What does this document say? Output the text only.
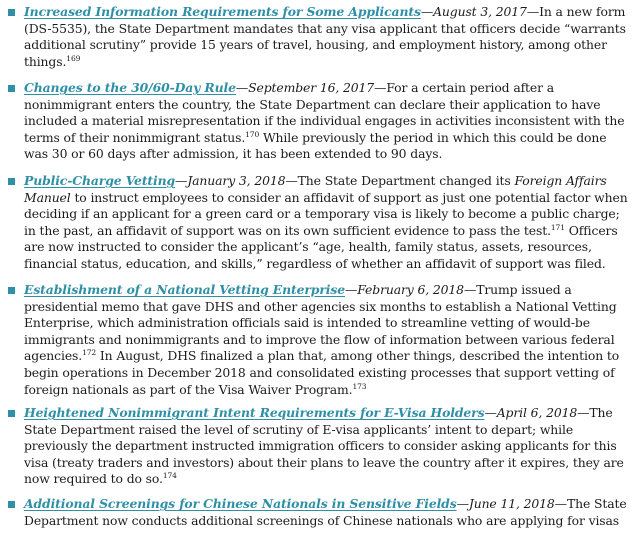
Increased Information Requirements for Some Applicants—August 3, 2017—In a new form (DS-5535), the State Department mandates that any visa applicant that officers decide “warrants additional scrutiny” provide 15 years of travel, housing, and employment history, among other things.$^{169}$

Changes to the 30/60-Day Rule—September 16, 2017—For a certain period after a nonimmigrant enters the country, the State Department can declare their application to have included a material misrepresentation if the individual engages in activities inconsistent with the terms of their nonimmigrant status.$^{170}$ While previously the period in which this could be done was 30 or 60 days after admission, it has been extended to 90 days.

Public-Charge Vetting—January 3, 2018—The State Department changed its Foreign Affairs Manuel to instruct employees to consider an affidavit of support as just one potential factor when deciding if an applicant for a green card or a temporary visa is likely to become a public charge; in the past, an affidavit of support was on its own sufficient evidence to pass the test.$^{171}$ Officers are now instructed to consider the applicant’s “age, health, family status, assets, resources, financial status, education, and skills,” regardless of whether an affidavit of support was filed.

Establishment of a National Vetting Enterprise—February 6, 2018—Trump issued a presidential memo that gave DHS and other agencies six months to establish a National Vetting Enterprise, which administration officials said is intended to streamline vetting of would-be immigrants and nonimmigrants and to improve the flow of information between various federal agencies.$^{172}$ In August, DHS finalized a plan that, among other things, described the intention to begin operations in December 2018 and consolidated existing processes that support vetting of foreign nationals as part of the Visa Waiver Program.$^{173}$

Heightened Nonimmigrant Intent Requirements for E-Visa Holders—April 6, 2018—The State Department raised the level of scrutiny of E-visa applicants’ intent to depart; while previously the department instructed immigration officers to consider asking applicants for this visa (treaty traders and investors) about their plans to leave the country after it expires, they are now required to do so.$^{174}$

Additional Screenings for Chinese Nationals in Sensitive Fields—June 11, 2018—The State Department now conducts additional screenings of Chinese nationals who are applying for visas
